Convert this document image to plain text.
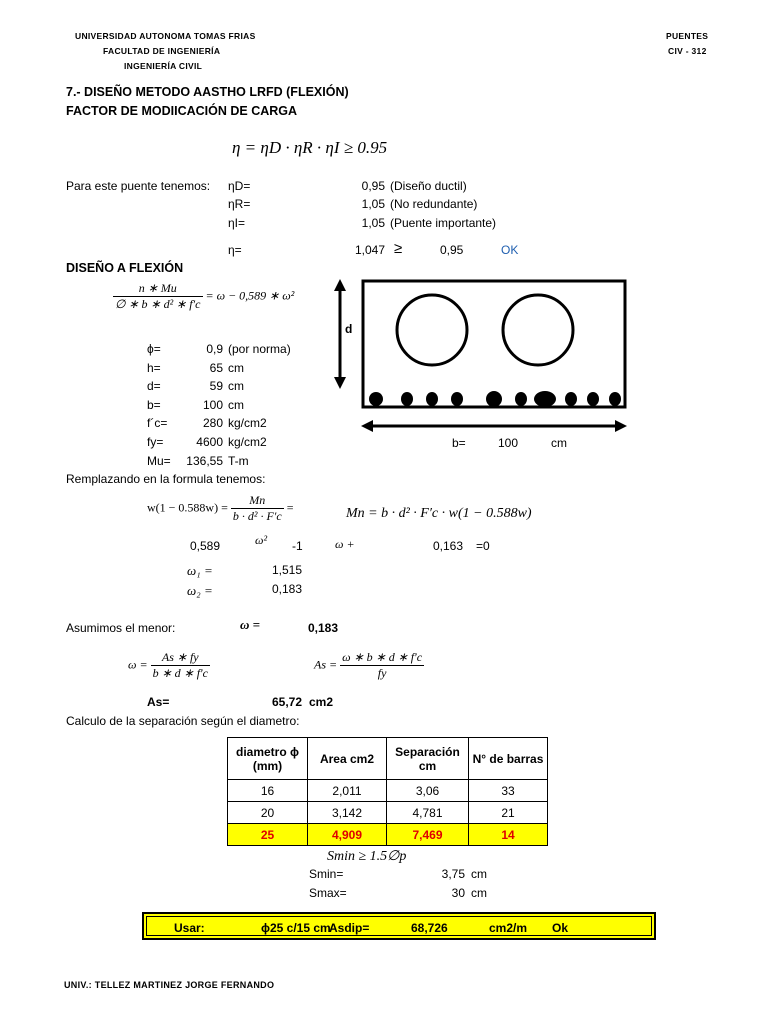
UNIVERSIDAD AUTONOMA TOMAS FRIAS
FACULTAD DE INGENIERÍA
INGENIERÍA CIVIL
PUENTES
CIV - 312
7.- DISEÑO METODO AASTHO LRFD (FLEXIÓN)
FACTOR DE MODIICACIÓN DE CARGA
η = ηD · ηR · ηI ≥ 0.95
Para este puente tenemos: ηD=	0,95 (Diseño ductil)
ηR=	1,05 (No redundante)
ηI=	1,05 (Puente importante)
η=	1,047 ≥	0,95	OK
DISEÑO A FLEXIÓN
$\frac{n ∗ Mu}{\text{∅ ∗ b ∗ d² ∗ f′c}} = \omega - 0,589$ ∗ ω²
ϕ=	0,9 (por norma)
h=	65 cm
d=	59 cm
b=	100 cm
f´c=	280 kg/cm2
fy=	4600 kg/cm2
Mu=	136,55 T-m
d
b=	100	cm
Remplazando en la formula tenemos:
$w(1 - 0.588w) = \frac{Mn}{\text{b · d² · F′c}}$ =	Mn = b · d² · F′c · w(1 − 0.588w)
0,589	ω² -1	ω +	0,163 =0
ω₁ =	1,515
ω₂ =	0,183
Asumimos el menor:	ω =	0,183
$\omega = \frac{As ∗ fy}{b ∗ d ∗ f'c}$	$As = \frac{\omega ∗ b ∗ d ∗ f'c}{fy}$
As=	65,72 cm2
Calculo de la separación según el diametro:
diametro ϕ (mm)	Area cm2	Separación cm	N° de barras
16	2,011	3,06	33
20	3,142	4,781	21
25	4,909	7,469	14
Smin ≥ 1.5∅p
Smin=	3,75 cm
Smax=	30 cm
Usar:	ϕ25 c/15 cm
Asdip=	68,726	cm2/m Ok
UNIV.: TELLEZ MARTINEZ JORGE FERNANDO
